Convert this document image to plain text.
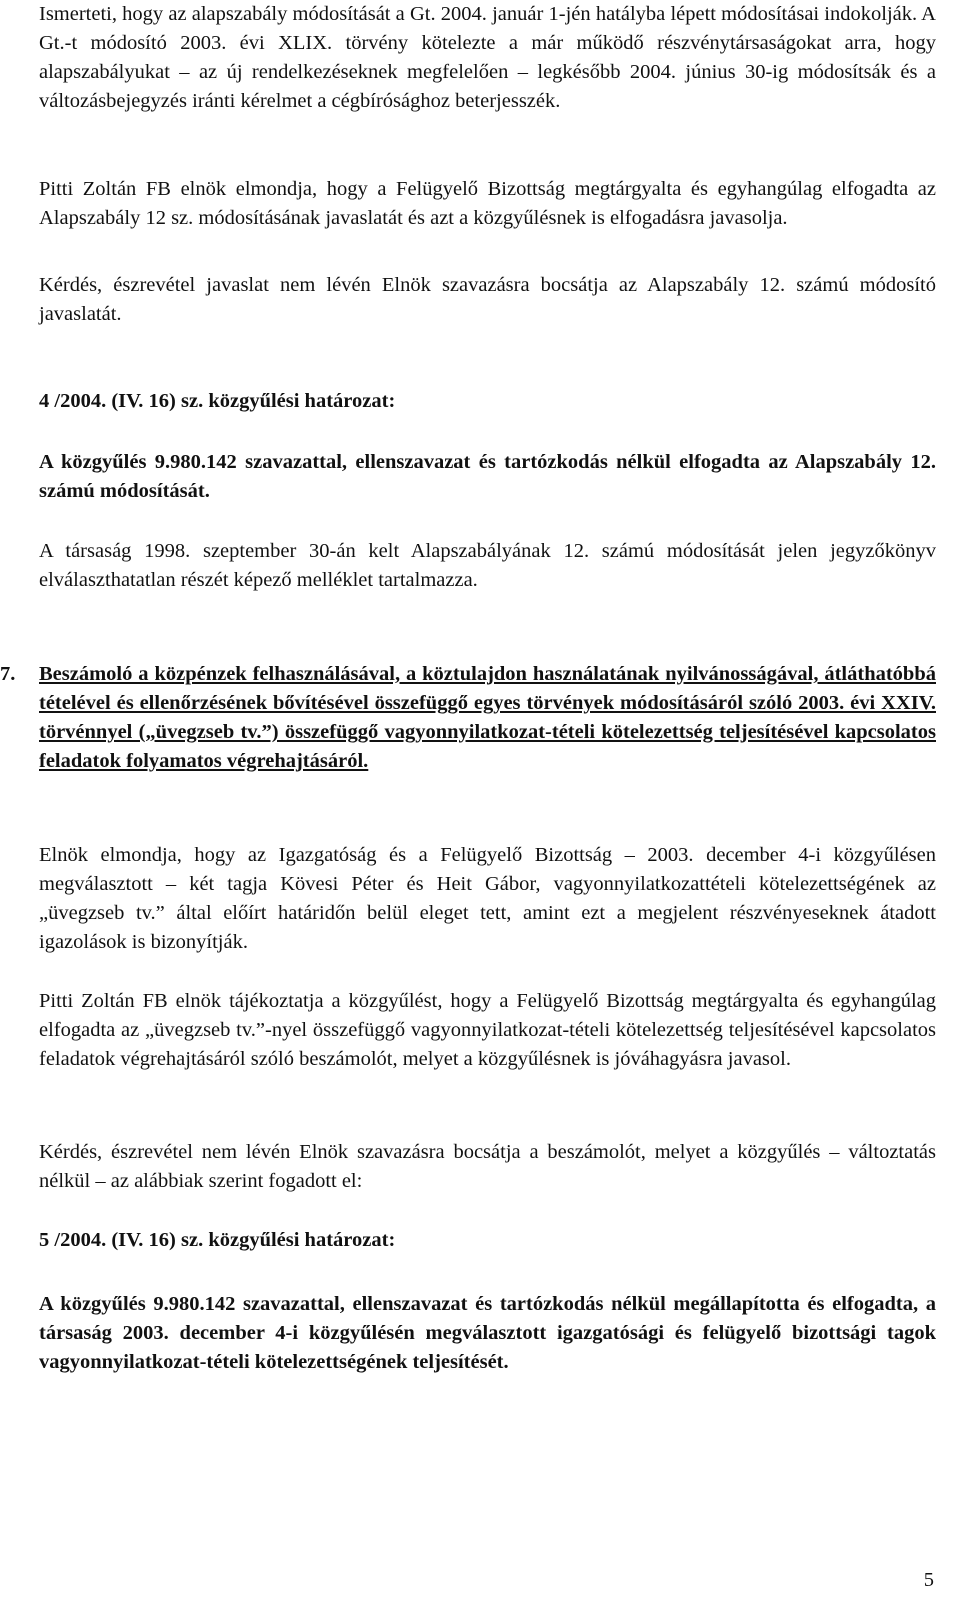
Ismerteti, hogy az alapszabály módosítását a Gt. 2004. január 1-jén hatályba lépett módosításai indokolják. A Gt.-t módosító 2003. évi XLIX. törvény kötelezte a már működő részvénytársaságokat arra, hogy alapszabályukat – az új rendelkezéseknek megfelelően – legkésőbb 2004. június 30-ig módosítsák és a változásbejegyzés iránti kérelmet a cégbírósághoz beterjesszék.

Pitti Zoltán FB elnök elmondja, hogy a Felügyelő Bizottság megtárgyalta és egyhangúlag elfogadta az Alapszabály 12 sz. módosításának javaslatát és azt a közgyűlésnek is elfogadásra javasolja.

Kérdés, észrevétel javaslat nem lévén Elnök szavazásra bocsátja az Alapszabály 12. számú módosító javaslatát.

4 /2004. (IV. 16) sz. közgyűlési határozat:

A közgyűlés 9.980.142 szavazattal, ellenszavazat és tartózkodás nélkül elfogadta az Alapszabály 12. számú módosítását.

A társaság 1998. szeptember 30-án kelt Alapszabályának 12. számú módosítását jelen jegyzőkönyv elválaszthatatlan részét képező melléklet tartalmazza.

7.	Beszámoló a közpénzek felhasználásával, a köztulajdon használatának nyilvánosságával, átláthatóbbá tételével és ellenőrzésének bővítésével összefüggő egyes törvények módosításáról szóló 2003. évi XXIV. törvénnyel („üvegzseb tv.”) összefüggő vagyonnyilatkozat-tételi kötelezettség teljesítésével kapcsolatos feladatok folyamatos végrehajtásáról.

Elnök elmondja, hogy az Igazgatóság és a Felügyelő Bizottság – 2003. december 4-i közgyűlésen megválasztott – két tagja Kövesi Péter és Heit Gábor, vagyonnyilatkozattételi kötelezettségének az „üvegzseb tv.” által előírt határidőn belül eleget tett, amint ezt a megjelent részvényeseknek átadott igazolások is bizonyítják.

Pitti Zoltán FB elnök tájékoztatja a közgyűlést, hogy a Felügyelő Bizottság megtárgyalta és egyhangúlag elfogadta az „üvegzseb tv.”-nyel összefüggő vagyonnyilatkozat-tételi kötelezettség teljesítésével kapcsolatos feladatok végrehajtásáról szóló beszámolót, melyet a közgyűlésnek is jóváhagyásra javasol.

Kérdés, észrevétel nem lévén Elnök szavazásra bocsátja a beszámolót, melyet a közgyűlés – változtatás nélkül – az alábbiak szerint fogadott el:

5 /2004. (IV. 16) sz. közgyűlési határozat:

A közgyűlés 9.980.142 szavazattal, ellenszavazat és tartózkodás nélkül megállapította és elfogadta, a társaság 2003. december 4-i közgyűlésén megválasztott igazgatósági és felügyelő bizottsági tagok vagyonnyilatkozat-tételi kötelezettségének teljesítését.

5
